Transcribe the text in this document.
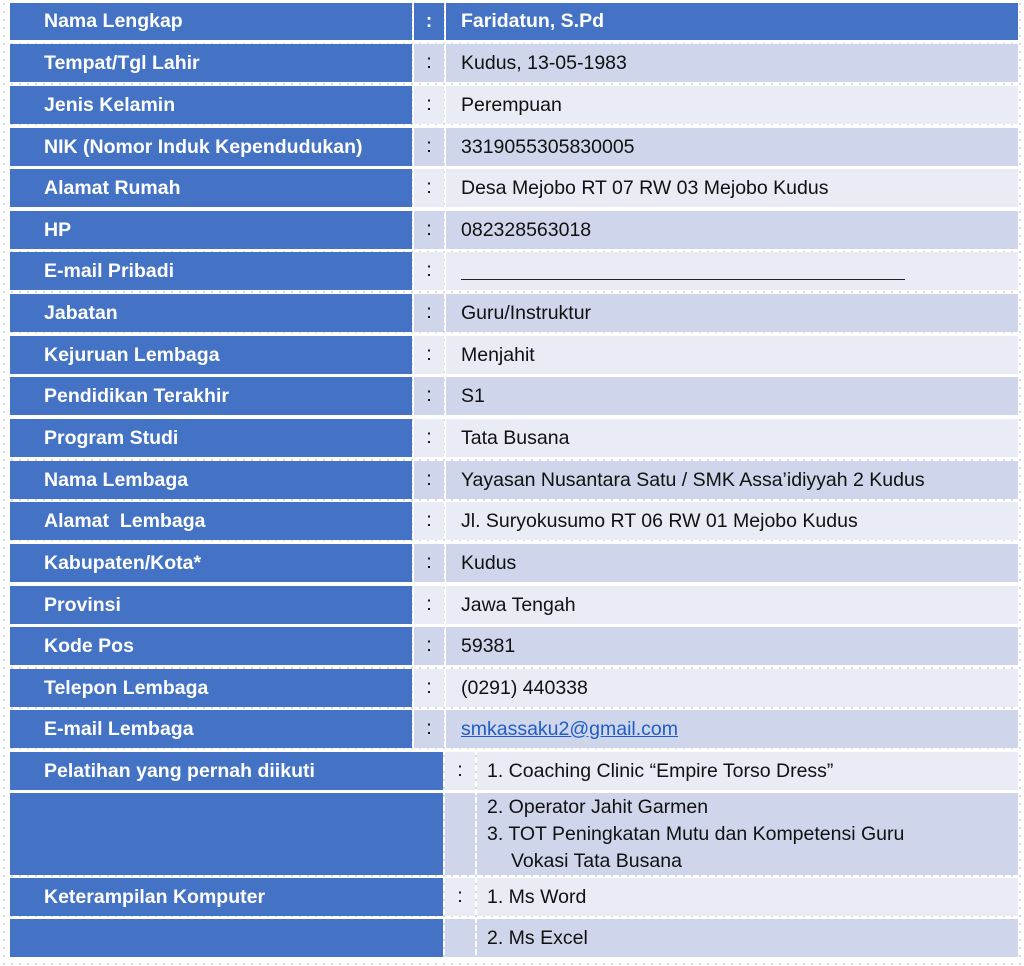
Nama Lengkap	:	Faridatun, S.Pd
Tempat/Tgl Lahir	:	Kudus, 13-05-1983
Jenis Kelamin	:	Perempuan
NIK (Nomor Induk Kependudukan)	:	3319055305830005
Alamat Rumah	:	Desa Mejobo RT 07 RW 03 Mejobo Kudus
HP	:	082328563018
E-mail Pribadi	:
Jabatan	:	Guru/Instruktur
Kejuruan Lembaga	:	Menjahit
Pendidikan Terakhir	:	S1
Program Studi	:	Tata Busana
Nama Lembaga	:	Yayasan Nusantara Satu / SMK Assa’idiyyah 2 Kudus
Alamat  Lembaga	:	Jl. Suryokusumo RT 06 RW 01 Mejobo Kudus
Kabupaten/Kota*	:	Kudus
Provinsi	:	Jawa Tengah
Kode Pos	:	59381
Telepon Lembaga	:	(0291) 440338
E-mail Lembaga	:	smkassaku2@gmail.com
Pelatihan yang pernah diikuti	:	1. Coaching Clinic “Empire Torso Dress”
2. Operator Jahit Garmen
3. TOT Peningkatan Mutu dan Kompetensi Guru
Vokasi Tata Busana
Keterampilan Komputer	:	1. Ms Word
2. Ms Excel
